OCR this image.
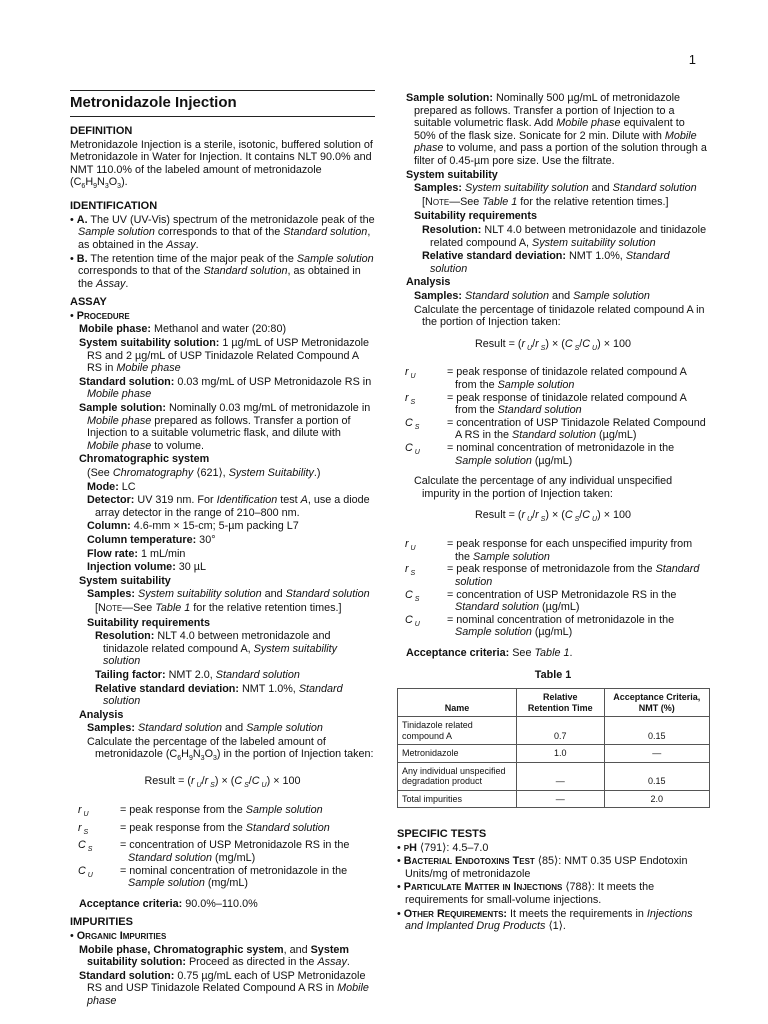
1
Metronidazole Injection
DEFINITION
Metronidazole Injection is a sterile, isotonic, buffered solution of Metronidazole in Water for Injection. It contains NLT 90.0% and NMT 110.0% of the labeled amount of metronidazole $(C_6H_9N_3O_3)$.
IDENTIFICATION
• A. The UV (UV-Vis) spectrum of the metronidazole peak of the Sample solution corresponds to that of the Standard solution, as obtained in the Assay.
• B. The retention time of the major peak of the Sample solution corresponds to that of the Standard solution, as obtained in the Assay.
ASSAY
• Procedure
Mobile phase: Methanol and water (20:80)
System suitability solution: 1 µg/mL of USP Metronidazole RS and 2 µg/mL of USP Tinidazole Related Compound A RS in Mobile phase
Standard solution: 0.03 mg/mL of USP Metronidazole RS in Mobile phase
Sample solution: Nominally 0.03 mg/mL of metronidazole in Mobile phase prepared as follows. Transfer a portion of Injection to a suitable volumetric flask, and dilute with Mobile phase to volume.
Chromatographic system
(See Chromatography ⟨621⟩, System Suitability.)
Mode: LC
Detector: UV 319 nm. For Identification test A, use a diode array detector in the range of 210–800 nm.
Column: 4.6-mm × 15-cm; 5-µm packing L7
Column temperature: 30°
Flow rate: 1 mL/min
Injection volume: 30 µL
System suitability
Samples: System suitability solution and Standard solution
[NOTE—See Table 1 for the relative retention times.]
Suitability requirements
Resolution: NLT 4.0 between metronidazole and tinidazole related compound A, System suitability solution
Tailing factor: NMT 2.0, Standard solution
Relative standard deviation: NMT 1.0%, Standard solution
Analysis
Samples: Standard solution and Sample solution
Calculate the percentage of the labeled amount of metronidazole $(C_6H_9N_3O_3)$ in the portion of Injection taken:
Result = (r $_U$/r $_S$) × (C $_S$/C $_U$) × 100
r $_U$	= peak response from the Sample solution
r $_S$	= peak response from the Standard solution
C $_S$	= concentration of USP Metronidazole RS in the Standard solution (mg/mL)
C $_U$	= nominal concentration of metronidazole in the Sample solution (mg/mL)
Acceptance criteria: 90.0%–110.0%
IMPURITIES
• Organic Impurities
Mobile phase, Chromatographic system, and System suitability solution: Proceed as directed in the Assay.
Standard solution: 0.75 µg/mL each of USP Metronidazole RS and USP Tinidazole Related Compound A RS in Mobile phase
Sample solution: Nominally 500 µg/mL of metronidazole prepared as follows. Transfer a portion of Injection to a suitable volumetric flask. Add Mobile phase equivalent to 50% of the flask size. Sonicate for 2 min. Dilute with Mobile phase to volume, and pass a portion of the solution through a filter of 0.45-µm pore size. Use the filtrate.
System suitability
Samples: System suitability solution and Standard solution
[NOTE—See Table 1 for the relative retention times.]
Suitability requirements
Resolution: NLT 4.0 between metronidazole and tinidazole related compound A, System suitability solution
Relative standard deviation: NMT 1.0%, Standard solution
Analysis
Samples: Standard solution and Sample solution
Calculate the percentage of tinidazole related compound A in the portion of Injection taken:
Result = (r $_U$/r $_S$) × (C $_S$/C $_U$) × 100
r $_U$	= peak response of tinidazole related compound A from the Sample solution
r $_S$	= peak response of tinidazole related compound A from the Standard solution
C $_S$	= concentration of USP Tinidazole Related Compound A RS in the Standard solution (µg/mL)
C $_U$	= nominal concentration of metronidazole in the Sample solution (µg/mL)
Calculate the percentage of any individual unspecified impurity in the portion of Injection taken:
Result = (r $_U$/r $_S$) × (C $_S$/C $_U$) × 100
r $_U$	= peak response for each unspecified impurity from the Sample solution
r $_S$	= peak response of metronidazole from the Standard solution
C $_S$	= concentration of USP Metronidazole RS in the Standard solution (µg/mL)
C $_U$	= nominal concentration of metronidazole in the Sample solution (µg/mL)
Acceptance criteria: See Table 1.
Table 1
Name	Relative Retention Time	Acceptance Criteria, NMT (%)
Tinidazole related compound A	0.7	0.15
Metronidazole	1.0	—
Any individual unspecified degradation product	—	0.15
Total impurities	—	2.0
SPECIFIC TESTS
• pH ⟨791⟩: 4.5–7.0
• Bacterial Endotoxins Test ⟨85⟩: NMT 0.35 USP Endotoxin Units/mg of metronidazole
• Particulate Matter in Injections ⟨788⟩: It meets the requirements for small-volume injections.
• Other Requirements: It meets the requirements in Injections and Implanted Drug Products ⟨1⟩.
